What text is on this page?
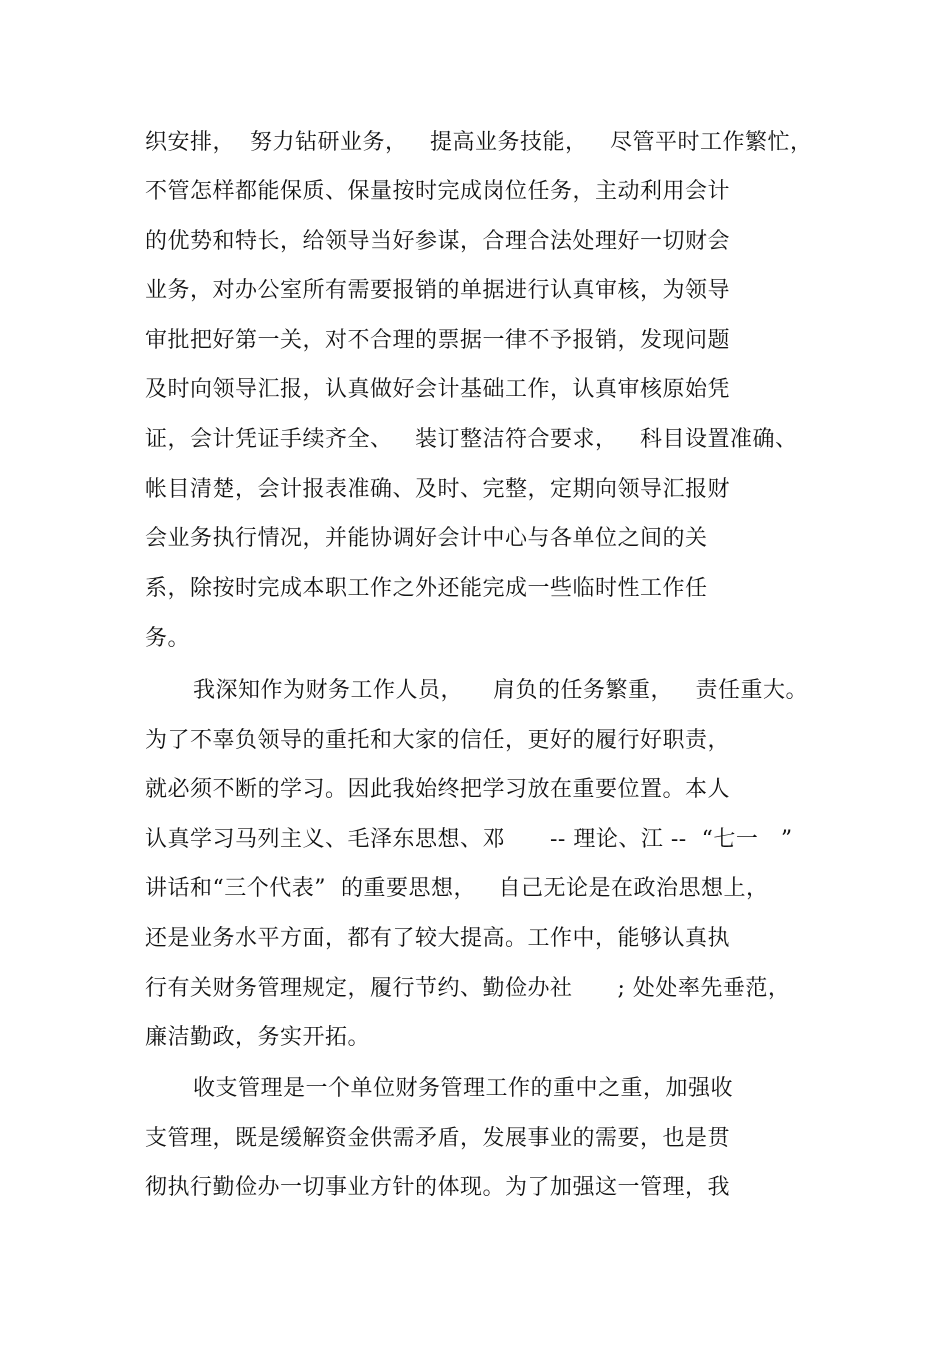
织安排，  努力钻研业务，   提高业务技能，   尽管平时工作繁忙，
不管怎样都能保质、保量按时完成岗位任务，主动利用会计
的优势和特长，给领导当好参谋，合理合法处理好一切财会
业务，对办公室所有需要报销的单据进行认真审核，为领导
审批把好第一关，对不合理的票据一律不予报销，发现问题
及时向领导汇报，认真做好会计基础工作，认真审核原始凭
证，会计凭证手续齐全、   装订整洁符合要求，   科目设置准确、
帐目清楚，会计报表准确、及时、完整，定期向领导汇报财
会业务执行情况，并能协调好会计中心与各单位之间的关
系，除按时完成本职工作之外还能完成一些临时性工作任
务。
我深知作为财务工作人员，    肩负的任务繁重，   责任重大。
为了不辜负领导的重托和大家的信任，更好的履行好职责，
就必须不断的学习。因此我始终把学习放在重要位置。本人
认真学习马列主义、毛泽东思想、邓      -- 理论、江 --  “七一   ”
讲话和“三个代表”  的重要思想，   自己无论是在政治思想上，
还是业务水平方面，都有了较大提高。工作中，能够认真执
行有关财务管理规定，履行节约、勤俭办社      ; 处处率先垂范，
廉洁勤政，务实开拓。
收支管理是一个单位财务管理工作的重中之重，加强收
支管理，既是缓解资金供需矛盾，发展事业的需要，也是贯
彻执行勤俭办一切事业方针的体现。为了加强这一管理，我
